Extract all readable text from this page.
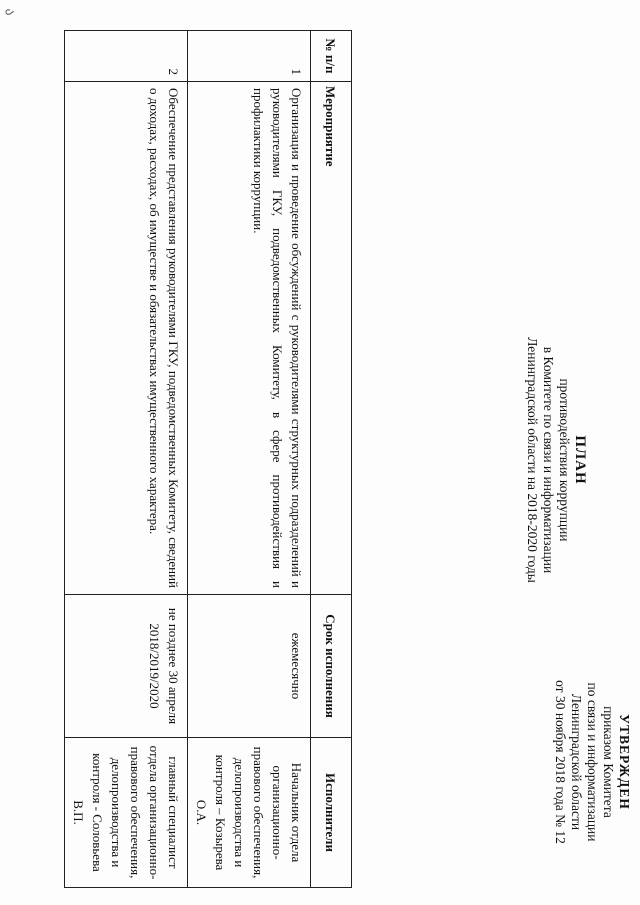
ა
УТВЕРЖДЕН
приказом Комитета
по связи и информатизации
Ленинградской области
от 30 ноября 2018 года № 12
ПЛАН
противодействия коррупции
в Комитете по связи и информатизации
Ленинградской области на 2018-2020 годы
№ п/п	Мероприятие	Срок исполнения	Исполнители
1	Организация и проведение обсуждений с руководителями структурных подразделений и руководителями ГКУ, подведомственных Комитету, в сфере противодействия и профилактики коррупции.	ежемесячно	Начальник отдела организационно-правового обеспечения, делопроизводства и контроля – Козырева О.А.
2	Обеспечение представления руководителями ГКУ, подведомственных Комитету, сведений о доходах, расходах, об имуществе и обязательствах имущественного характера.	не позднее 30 апреля 2018/2019/2020	главный специалист отдела организационно-правового обеспечения, делопроизводства и контроля - Соловьева В.П.
